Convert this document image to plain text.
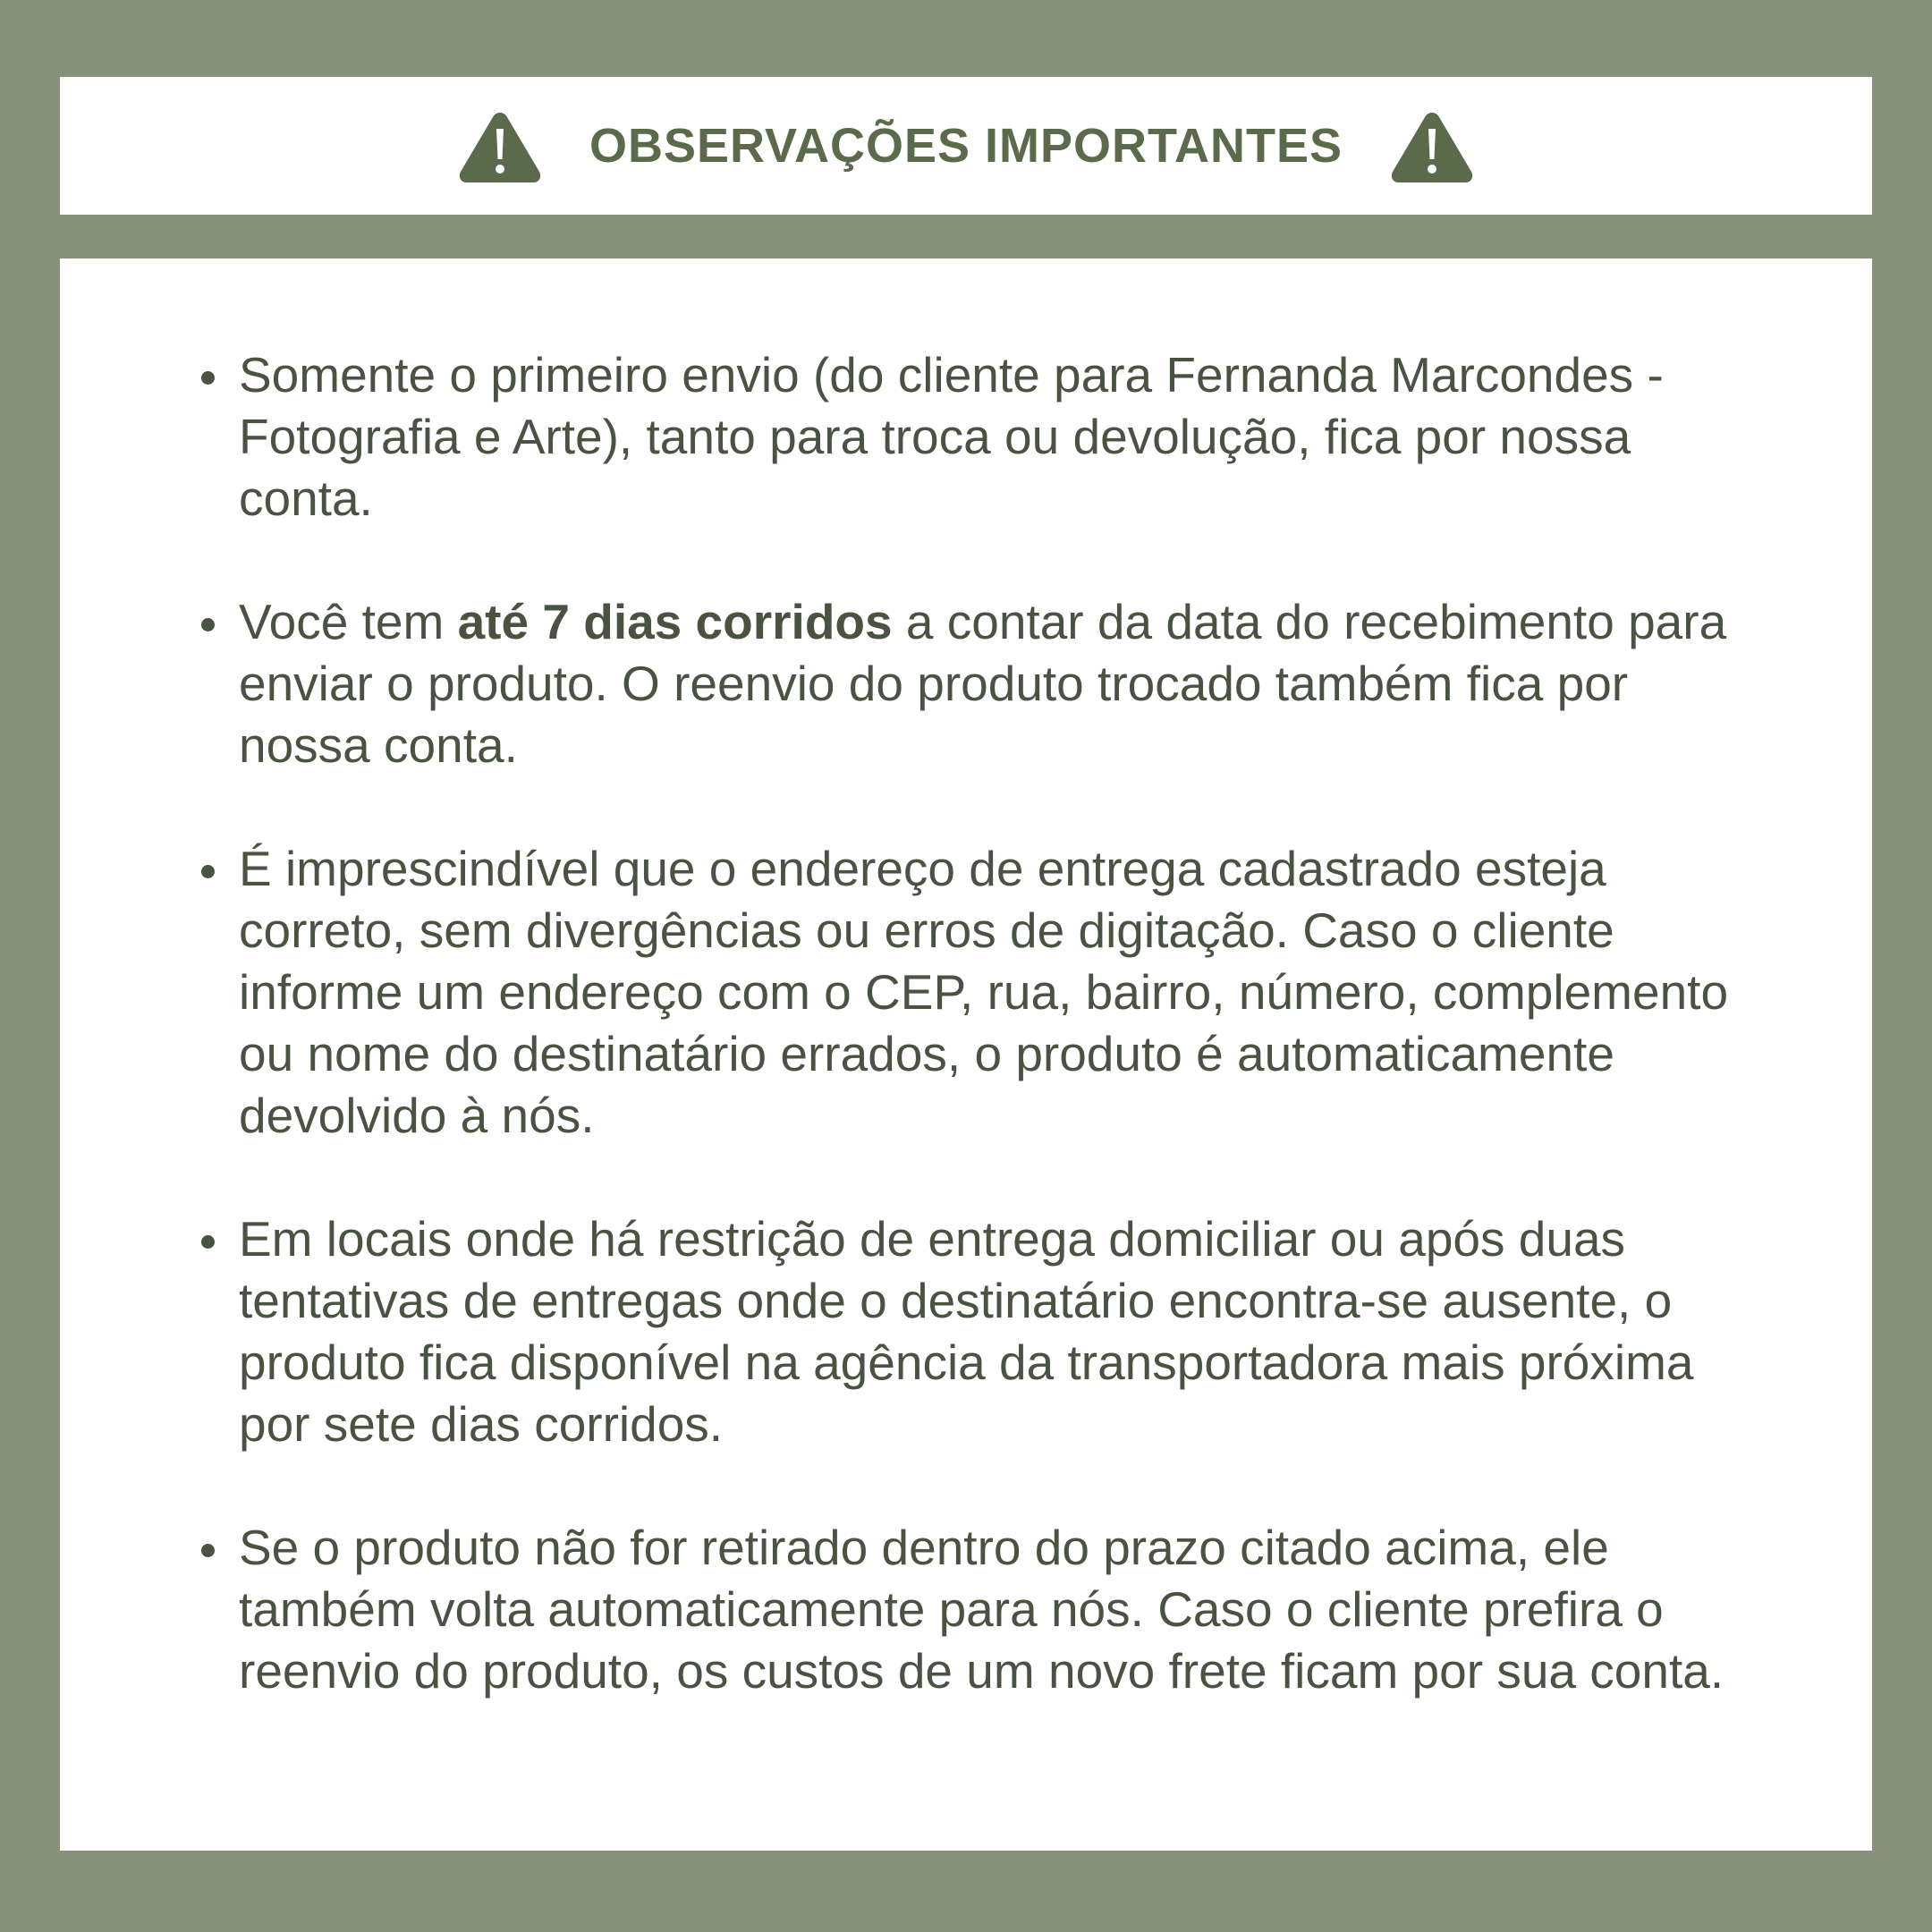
OBSERVAÇÕES IMPORTANTES
Somente o primeiro envio (do cliente para Fernanda Marcondes - Fotografia e Arte), tanto para troca ou devolução, fica por nossa conta.
Você tem até 7 dias corridos a contar da data do recebimento para enviar o produto. O reenvio do produto trocado também fica por nossa conta.
É imprescindível que o endereço de entrega cadastrado esteja correto, sem divergências ou erros de digitação. Caso o cliente informe um endereço com o CEP, rua, bairro, número, complemento ou nome do destinatário errados, o produto é automaticamente devolvido à nós.
Em locais onde há restrição de entrega domiciliar ou após duas tentativas de entregas onde o destinatário encontra-se ausente, o produto fica disponível na agência da transportadora mais próxima por sete dias corridos.
Se o produto não for retirado dentro do prazo citado acima, ele também volta automaticamente para nós. Caso o cliente prefira o reenvio do produto, os custos de um novo frete ficam por sua conta.
